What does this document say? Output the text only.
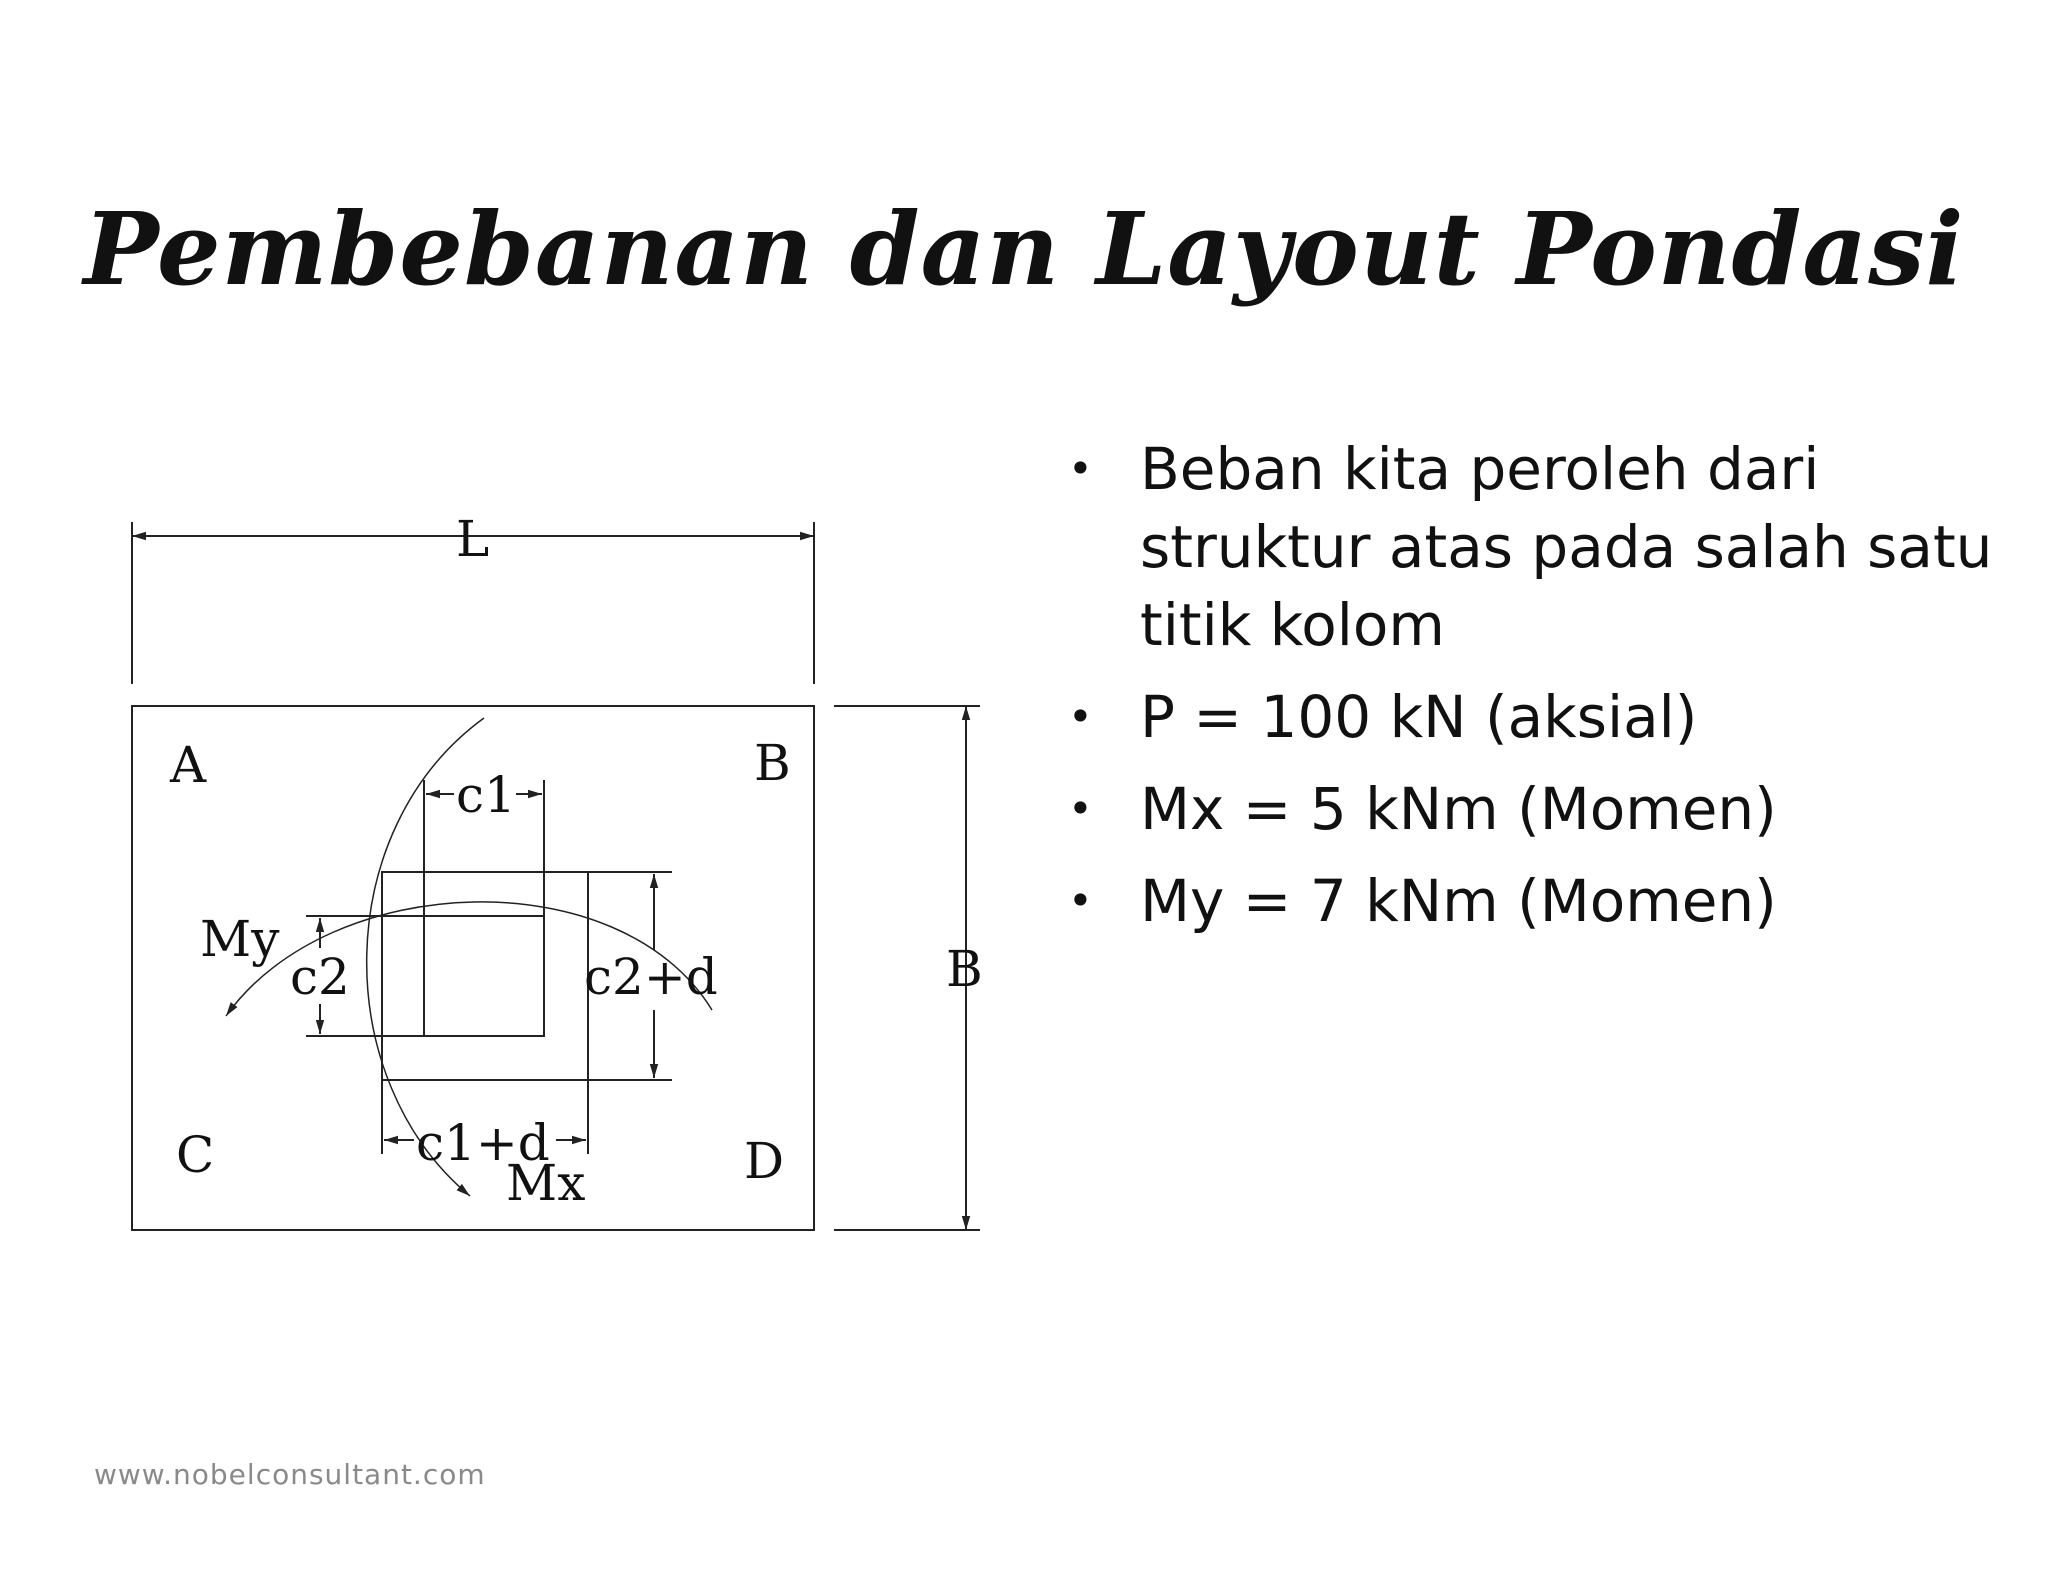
Pembebanan dan Layout Pondasi
L
B
A	B
C	D
c1
c2	c2+d
c1+d
Mx
My
• Beban kita peroleh dari struktur atas pada salah satu titik kolom
• P = 100 kN (aksial)
• Mx = 5 kNm (Momen)
• My = 7 kNm (Momen)
www.nobelconsultant.com
